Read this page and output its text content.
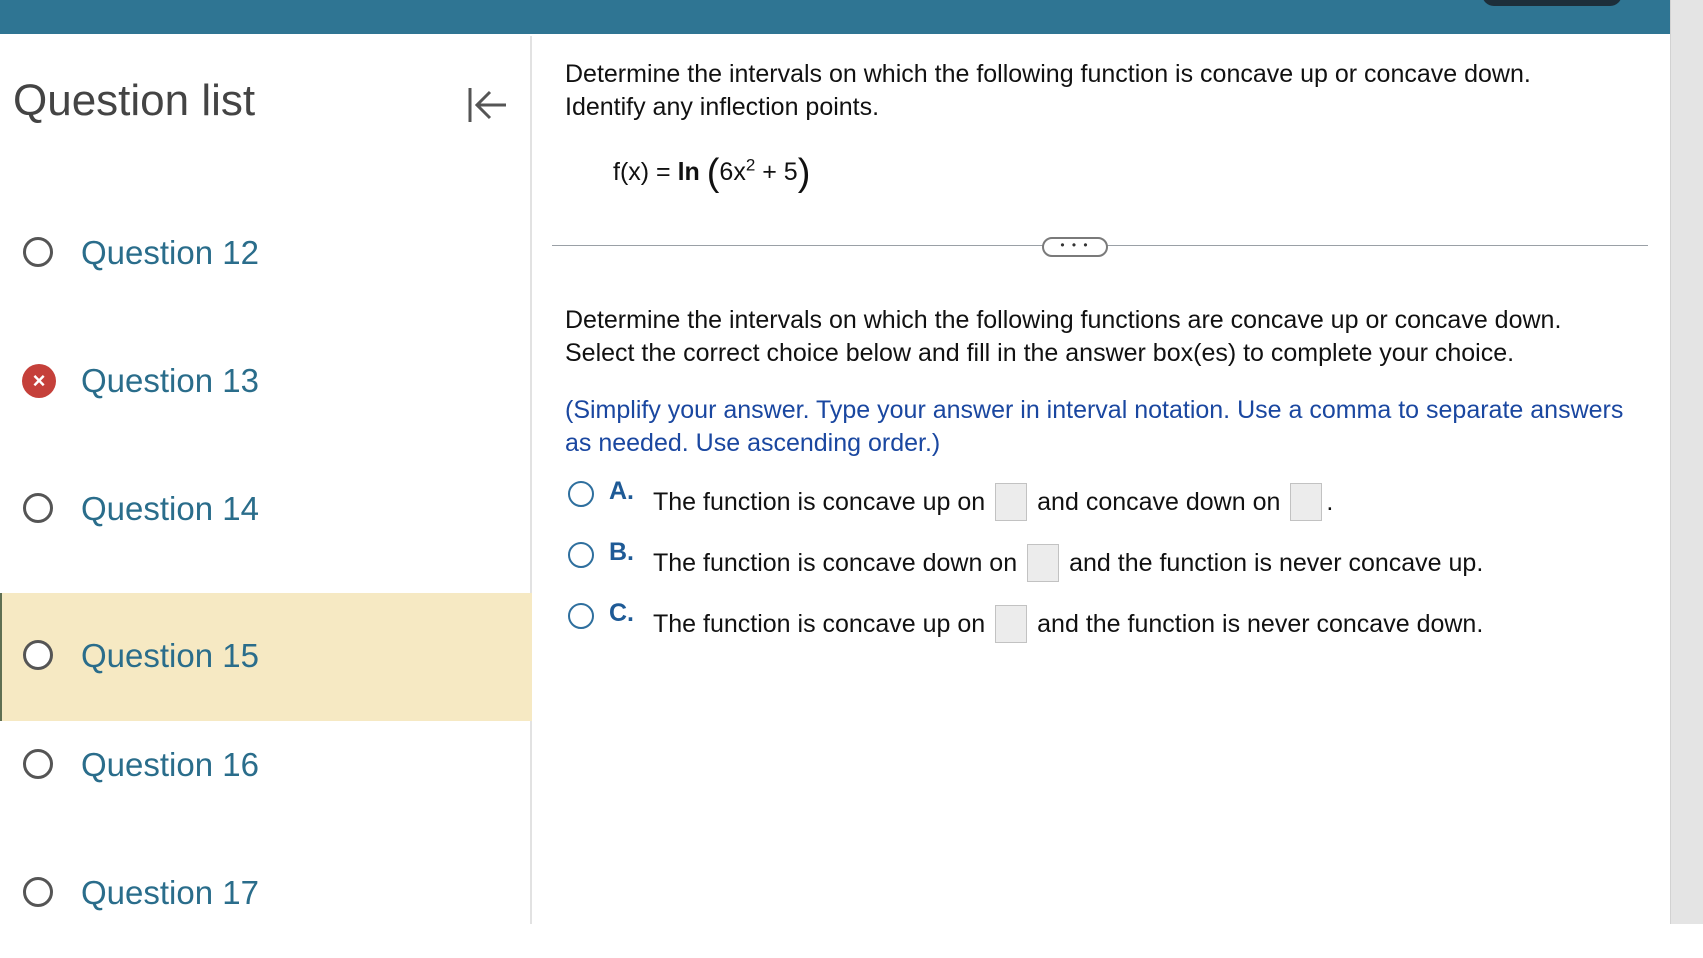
Question list
Question 12
×	Question 13
Question 14
Question 15
Question 16
Question 17
Determine the intervals on which the following function is concave up or concave down.
Identify any inflection points.
$f(x) = \ln (6x^2 + 5)$
• • •
Determine the intervals on which the following functions are concave up or concave down.
Select the correct choice below and fill in the answer box(es) to complete your choice.
(Simplify your answer. Type your answer in interval notation. Use a comma to separate answers as needed. Use ascending order.)
A. The function is concave up on and concave down on .
B. The function is concave down on and the function is never concave up.
C. The function is concave up on and the function is never concave down.
